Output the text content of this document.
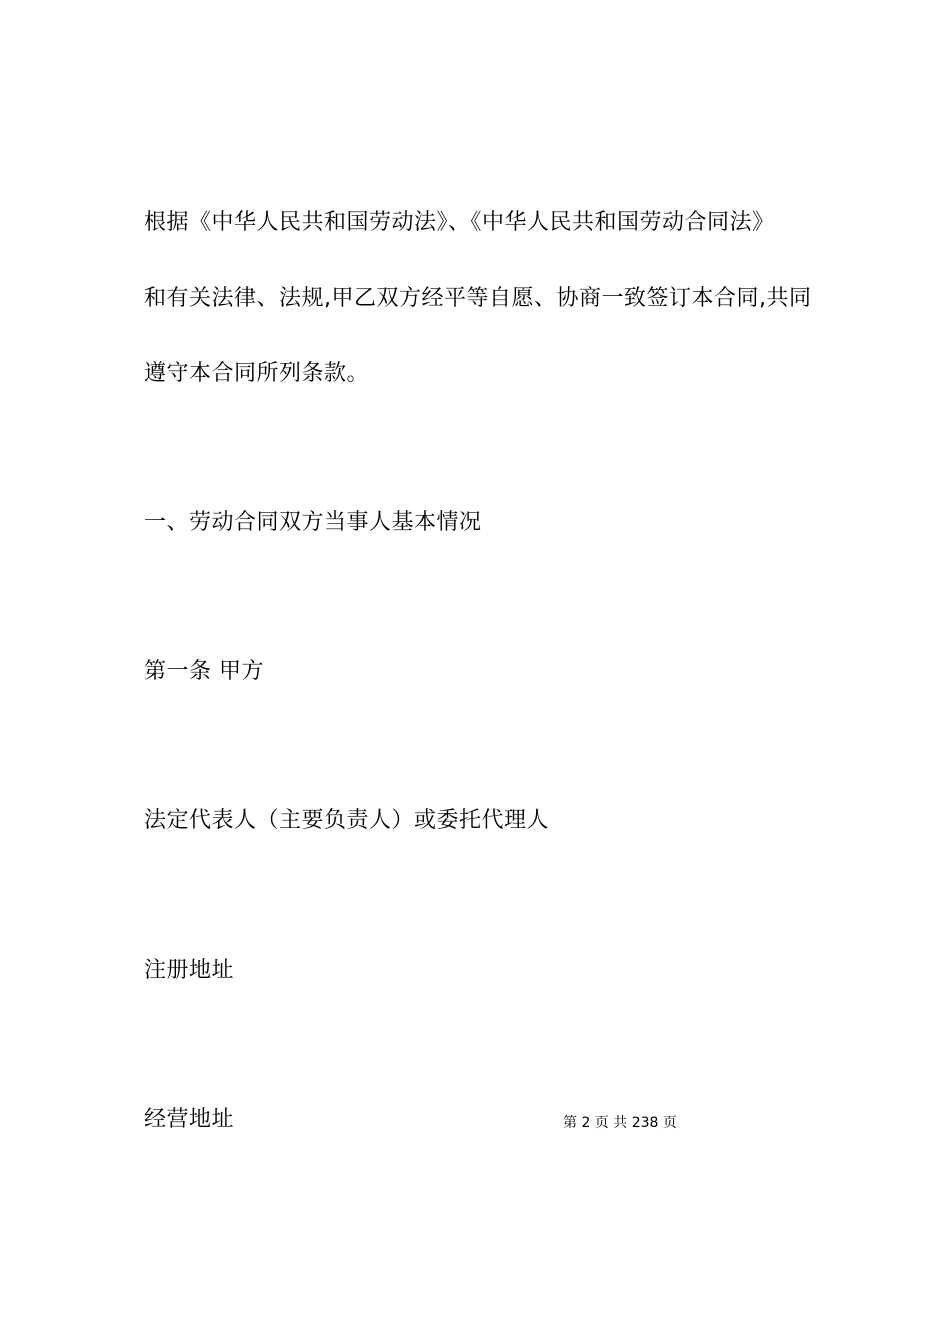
根据《中华人民共和国劳动法》、《中华人民共和国劳动合同法》
和有关法律、法规,甲乙双方经平等自愿、协商一致签订本合同,共同
遵守本合同所列条款。
一、劳动合同双方当事人基本情况
第一条 甲方
法定代表人（主要负责人）或委托代理人
注册地址
经营地址	第 2 页 共 238 页
